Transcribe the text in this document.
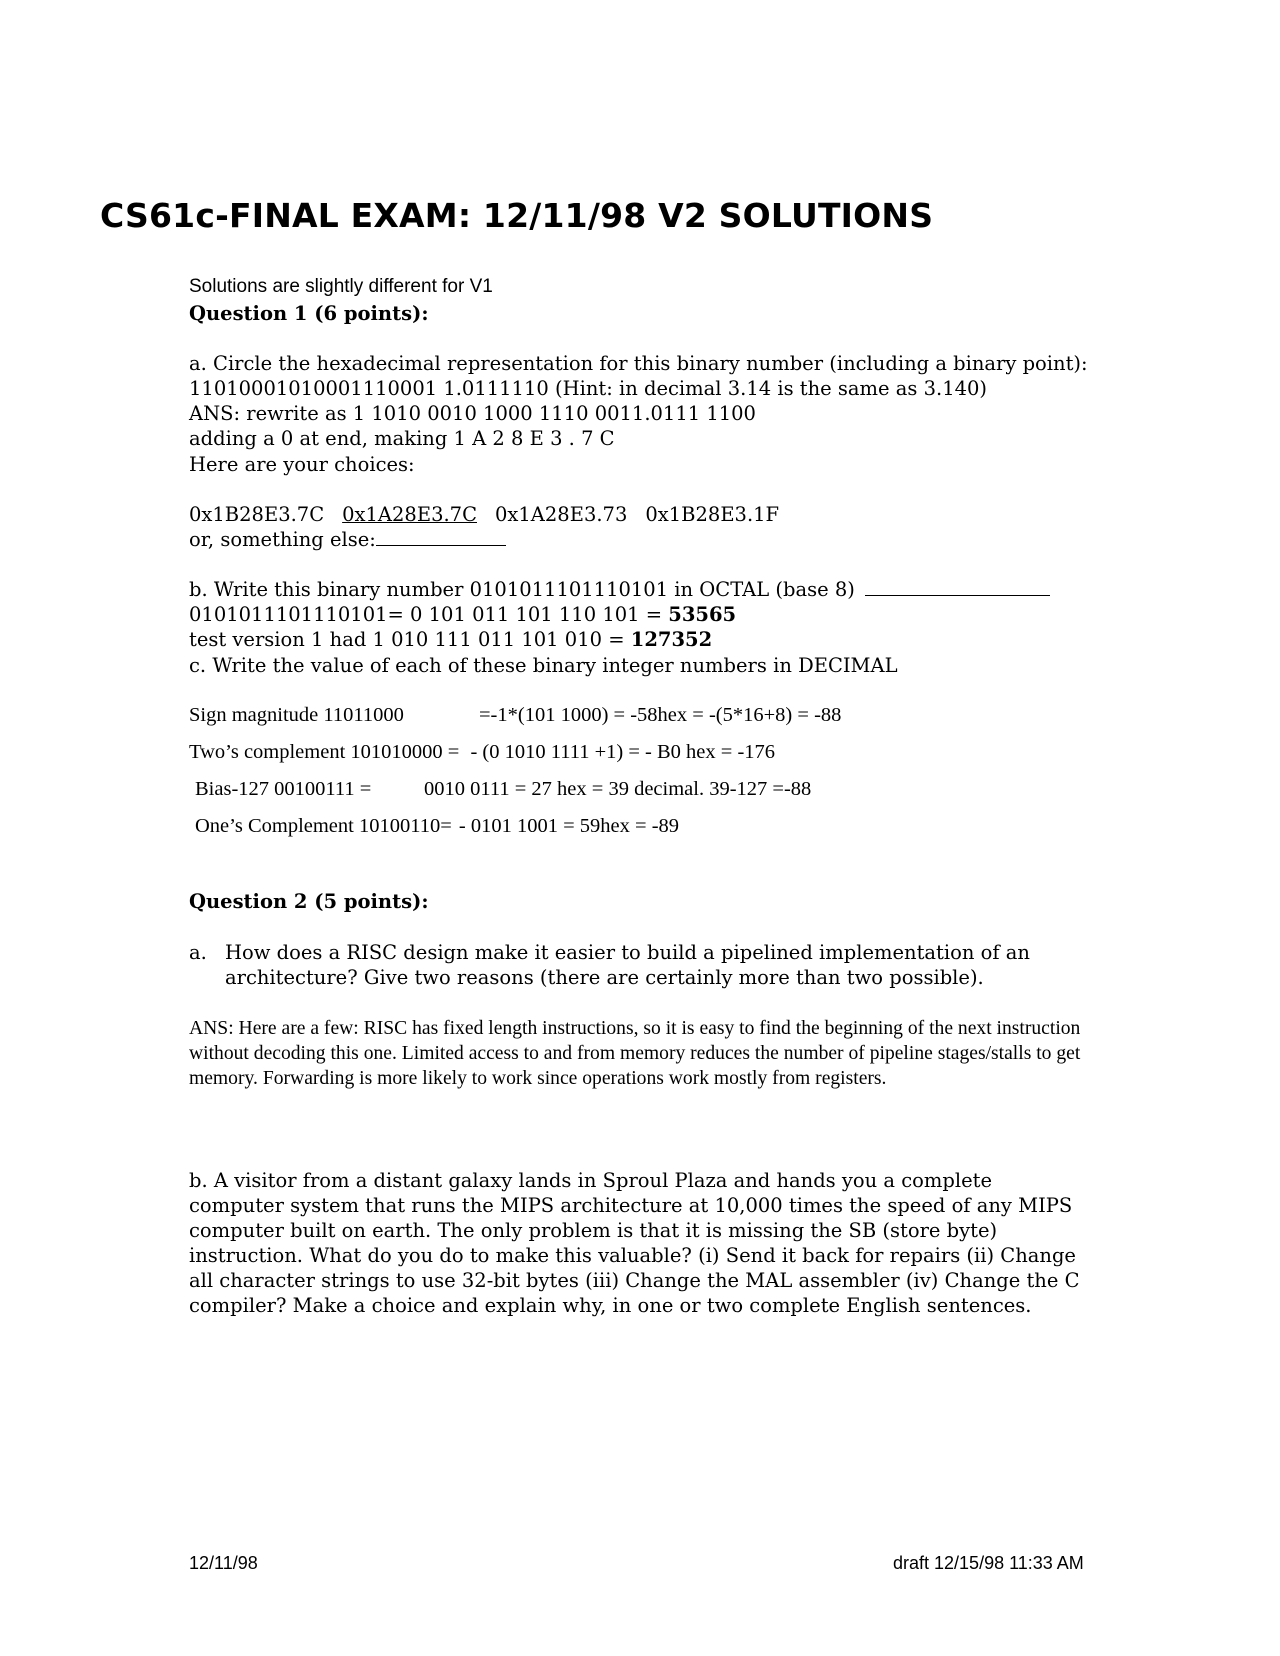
CS61c-FINAL EXAM: 12/11/98 V2 SOLUTIONS
Solutions are slightly different for V1
Question 1 (6 points):
a. Circle the hexadecimal representation for this binary number (including a binary point):
11010001010001110001 1.0111110 (Hint: in decimal 3.14 is the same as 3.140)
ANS: rewrite as 1 1010 0010 1000 1110 0011.0111 1100
adding a 0 at end, making 1 A 2 8 E 3 . 7 C
Here are your choices:
0x1B28E3.7C 0x1A28E3.7C 0x1A28E3.73 0x1B28E3.1F
or, something else:
b. Write this binary number 0101011101110101 in OCTAL (base 8)
0101011101110101= 0 101 011 101 110 101 = 53565
test version 1 had 1 010 111 011 101 010 = 127352
c. Write the value of each of these binary integer numbers in DECIMAL
Sign magnitude 11011000	=-1*(101 1000) = -58hex = -(5*16+8) = -88
Two’s complement 101010000 = - (0 1010 1111 +1) = - B0 hex = -176
Bias-127 00100111 =	0010 0111 = 27 hex = 39 decimal. 39-127 =-88
One’s Complement 10100110= - 0101 1001 = 59hex = -89
Question 2 (5 points):
a. How does a RISC design make it easier to build a pipelined implementation of an architecture? Give two reasons (there are certainly more than two possible).
ANS: Here are a few: RISC has fixed length instructions, so it is easy to find the beginning of the next instruction without decoding this one. Limited access to and from memory reduces the number of pipeline stages/stalls to get memory. Forwarding is more likely to work since operations work mostly from registers.
b. A visitor from a distant galaxy lands in Sproul Plaza and hands you a complete computer system that runs the MIPS architecture at 10,000 times the speed of any MIPS computer built on earth. The only problem is that it is missing the SB (store byte) instruction. What do you do to make this valuable? (i) Send it back for repairs (ii) Change all character strings to use 32-bit bytes (iii) Change the MAL assembler (iv) Change the C compiler? Make a choice and explain why, in one or two complete English sentences.
12/11/98	draft 12/15/98 11:33 AM
